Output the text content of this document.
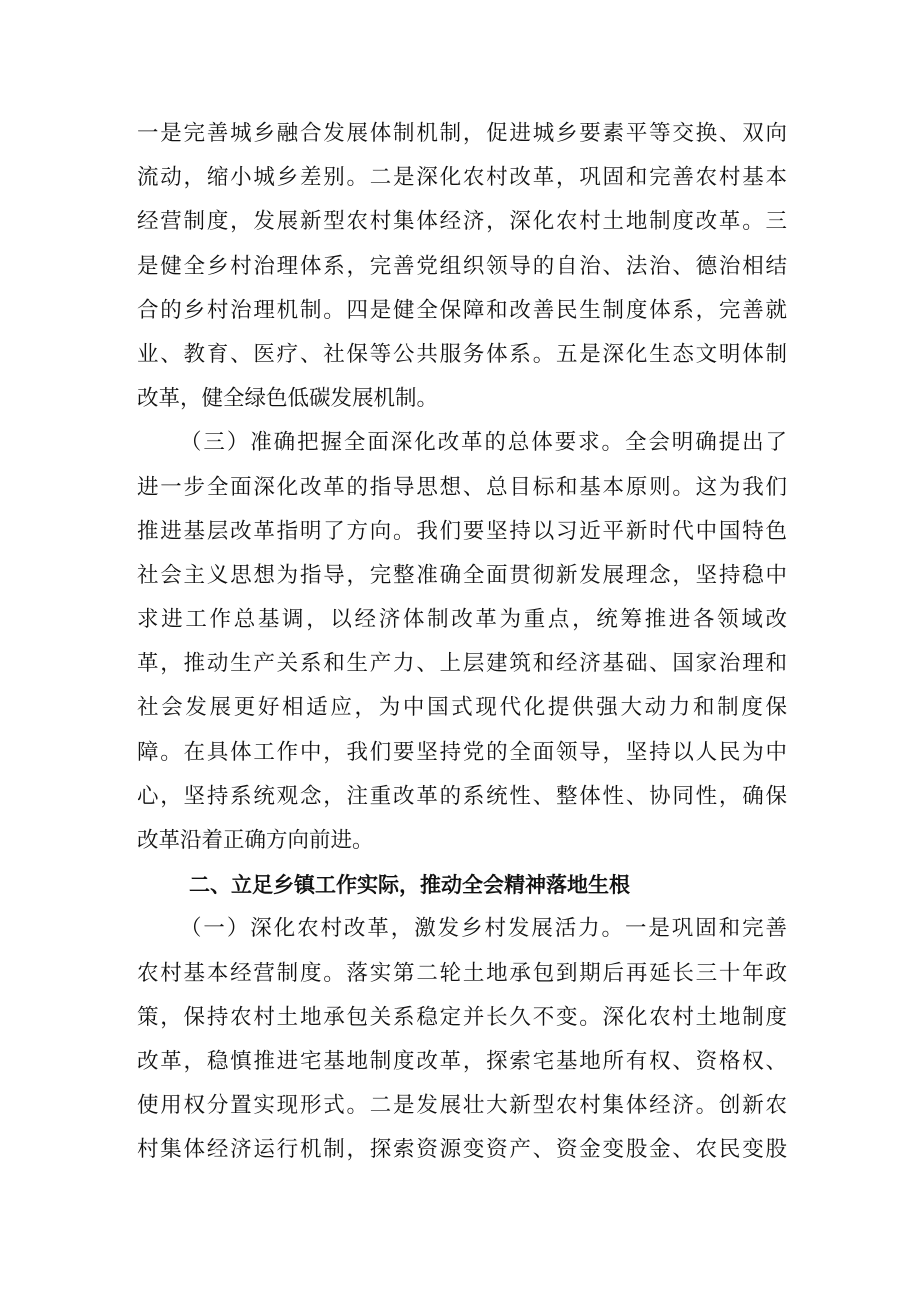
一是完善城乡融合发展体制机制，促进城乡要素平等交换、双向
流动，缩小城乡差别。二是深化农村改革，巩固和完善农村基本
经营制度，发展新型农村集体经济，深化农村土地制度改革。三
是健全乡村治理体系，完善党组织领导的自治、法治、德治相结
合的乡村治理机制。四是健全保障和改善民生制度体系，完善就
业、教育、医疗、社保等公共服务体系。五是深化生态文明体制
改革，健全绿色低碳发展机制。
（三）准确把握全面深化改革的总体要求。全会明确提出了
进一步全面深化改革的指导思想、总目标和基本原则。这为我们
推进基层改革指明了方向。我们要坚持以习近平新时代中国特色
社会主义思想为指导，完整准确全面贯彻新发展理念，坚持稳中
求进工作总基调，以经济体制改革为重点，统筹推进各领域改
革，推动生产关系和生产力、上层建筑和经济基础、国家治理和
社会发展更好相适应，为中国式现代化提供强大动力和制度保
障。在具体工作中，我们要坚持党的全面领导，坚持以人民为中
心，坚持系统观念，注重改革的系统性、整体性、协同性，确保
改革沿着正确方向前进。
二、立足乡镇工作实际，推动全会精神落地生根
（一）深化农村改革，激发乡村发展活力。一是巩固和完善
农村基本经营制度。落实第二轮土地承包到期后再延长三十年政
策，保持农村土地承包关系稳定并长久不变。深化农村土地制度
改革，稳慎推进宅基地制度改革，探索宅基地所有权、资格权、
使用权分置实现形式。二是发展壮大新型农村集体经济。创新农
村集体经济运行机制，探索资源变资产、资金变股金、农民变股
